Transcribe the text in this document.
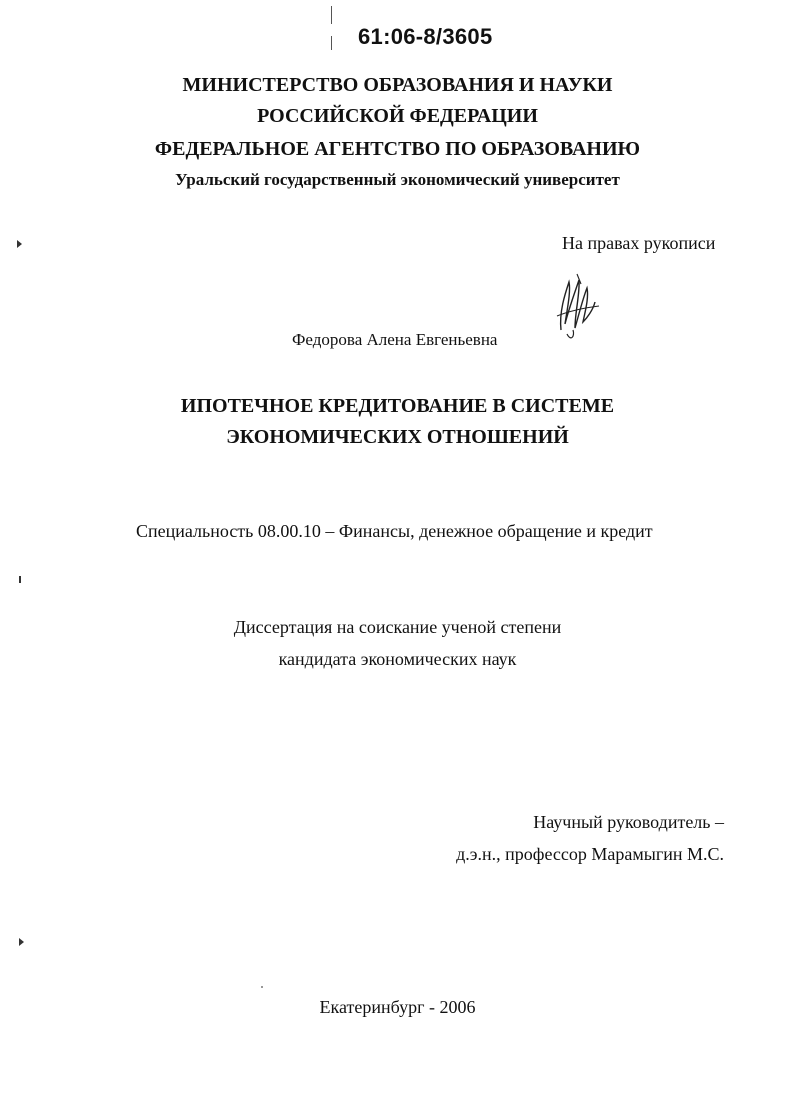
61:06-8/3605
МИНИСТЕРСТВО ОБРАЗОВАНИЯ И НАУКИ
РОССИЙСКОЙ ФЕДЕРАЦИИ
ФЕДЕРАЛЬНОЕ АГЕНТСТВО ПО ОБРАЗОВАНИЮ
Уральский государственный экономический университет
На правах рукописи
Федорова Алена Евгеньевна
ИПОТЕЧНОЕ КРЕДИТОВАНИЕ В СИСТЕМЕ
ЭКОНОМИЧЕСКИХ ОТНОШЕНИЙ
Специальность 08.00.10 – Финансы, денежное обращение и кредит
Диссертация на соискание ученой степени
кандидата экономических наук
Научный руководитель –
д.э.н., профессор Марамыгин М.С.
Екатеринбург - 2006
